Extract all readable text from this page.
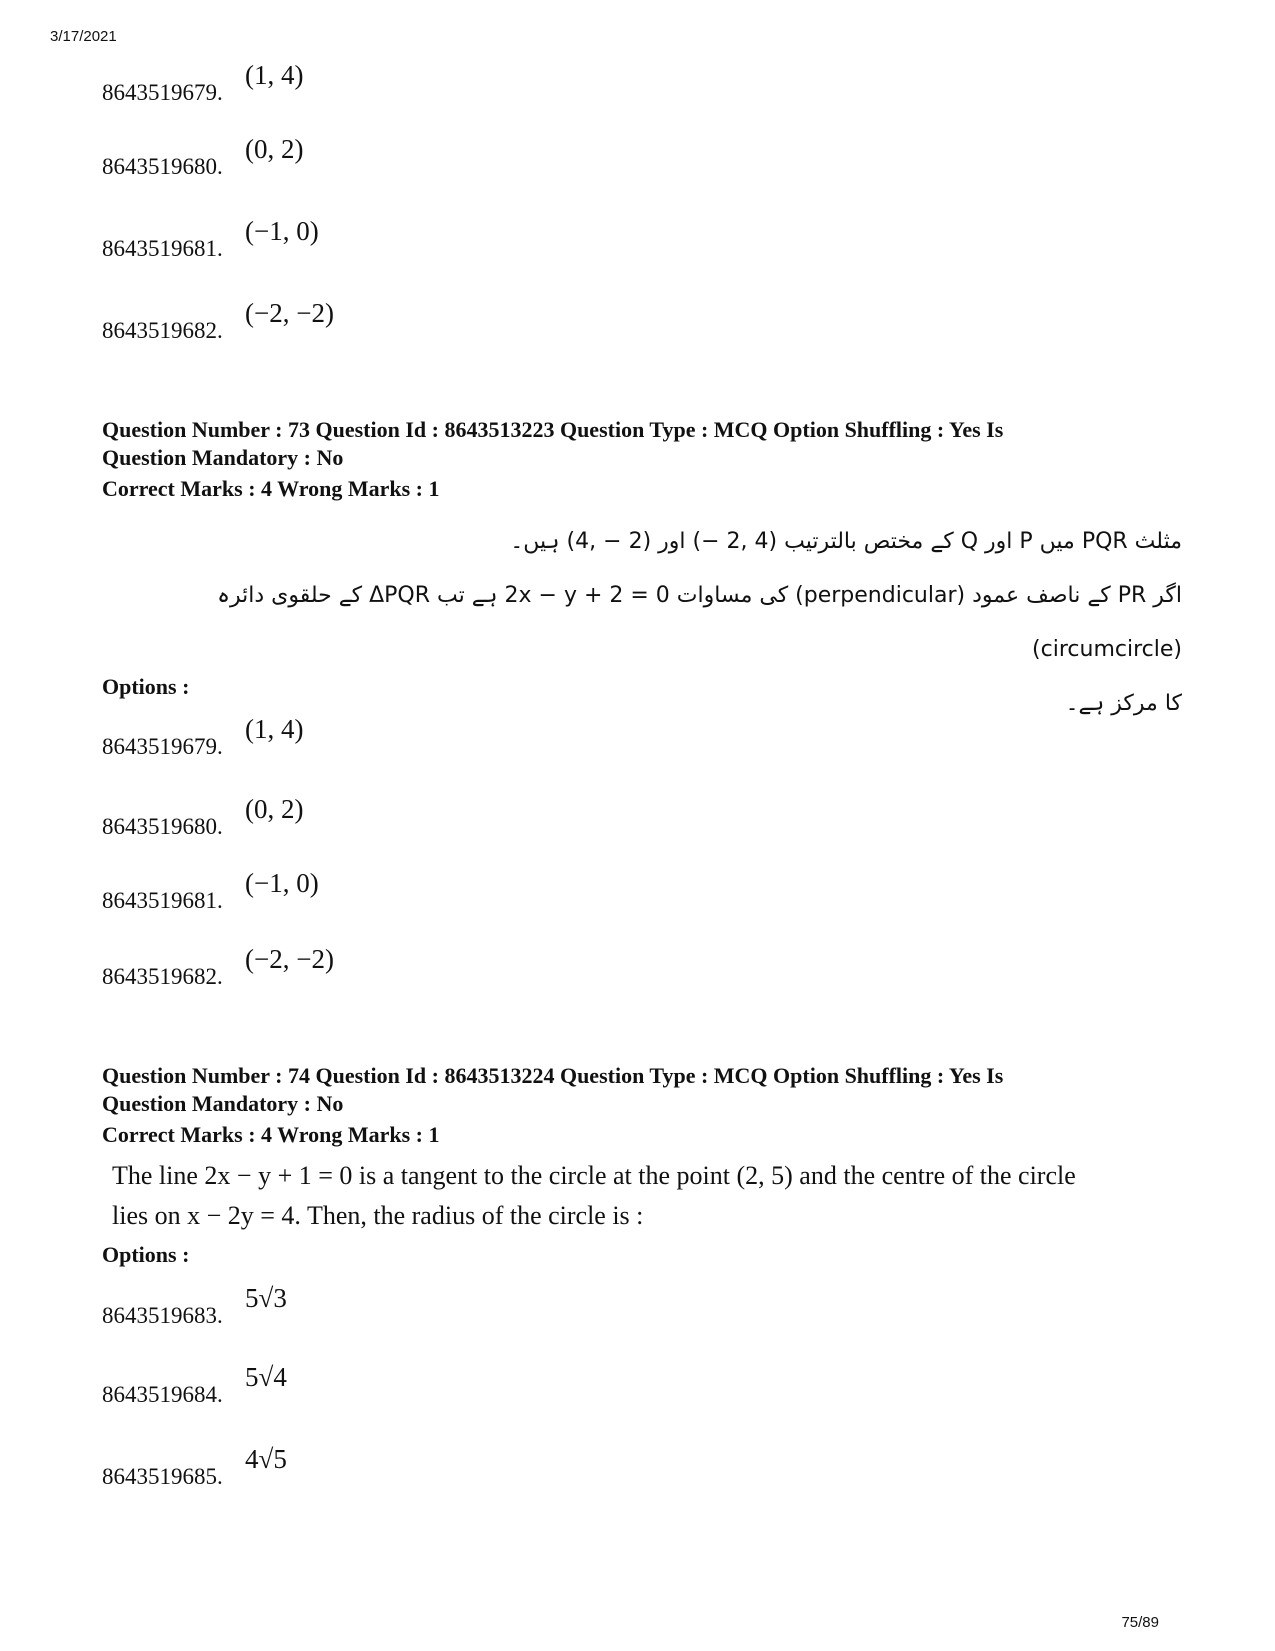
3/17/2021
8643519679.
(1, 4)
8643519680.
(0, 2)
8643519681.
(−1, 0)
8643519682.
(−2, −2)
Question Number : 73 Question Id : 8643513223 Question Type : MCQ Option Shuffling : Yes Is
Question Mandatory : No
Correct Marks : 4 Wrong Marks : 1
مثلث PQR میں P اور Q کے مختص بالترتیب (4 ,2 −) اور (2 − ,4) ہیں۔
اگر PR کے ناصف عمود (perpendicular) کی مساوات 2x − y + 2 = 0 ہے تب ΔPQR کے حلقوی دائرہ (circumcircle)
کا مرکز ہے۔
Options :
8643519679.
(1, 4)
8643519680.
(0, 2)
8643519681.
(−1, 0)
8643519682.
(−2, −2)
Question Number : 74 Question Id : 8643513224 Question Type : MCQ Option Shuffling : Yes Is
Question Mandatory : No
Correct Marks : 4 Wrong Marks : 1
The line 2x − y + 1 = 0 is a tangent to the circle at the point (2, 5) and the centre of the circle
lies on x − 2y = 4. Then, the radius of the circle is :
Options :
8643519683.
5√3
8643519684.
5√4
8643519685.
4√5
75/89
